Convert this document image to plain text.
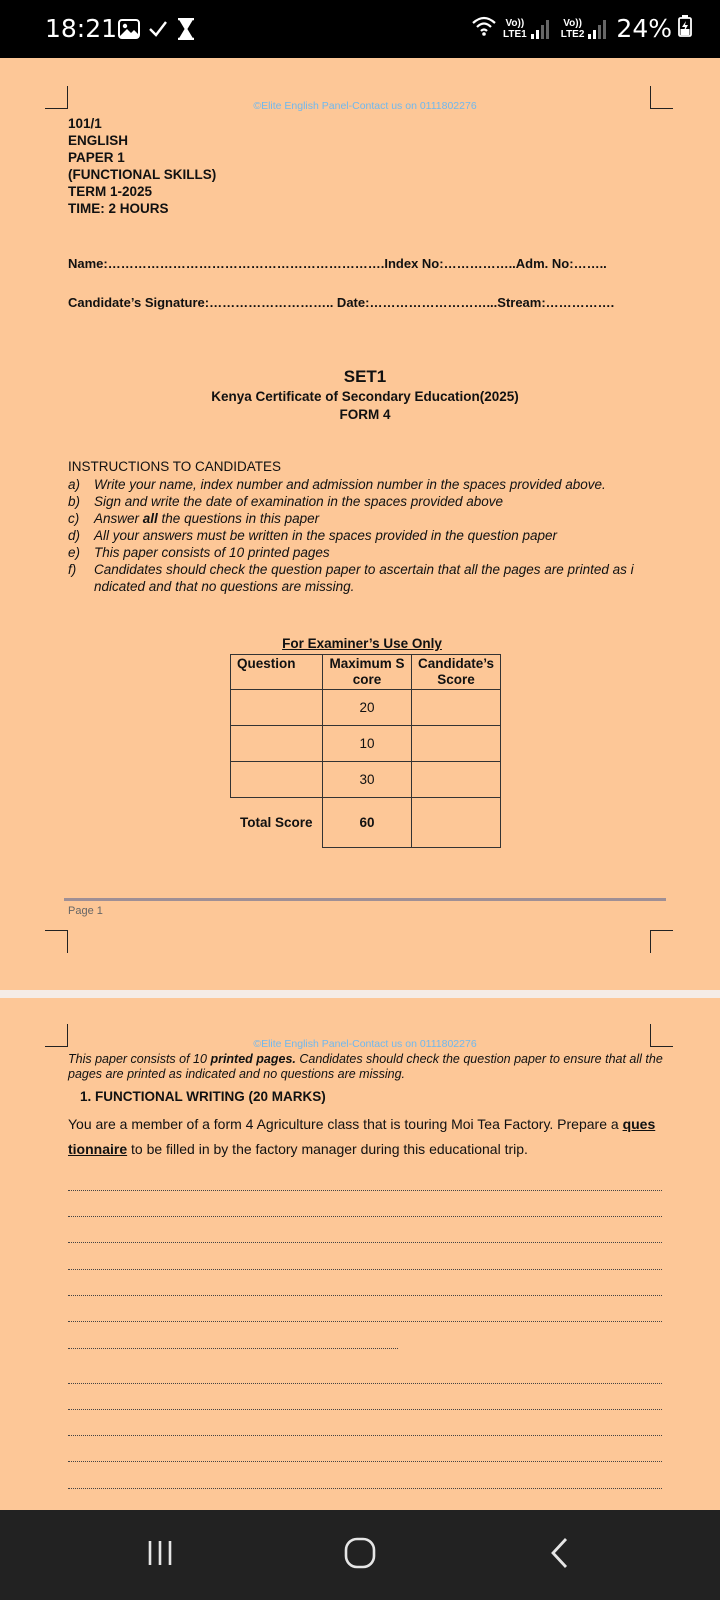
18:21	Vo))
LTE1
Vo))
LTE2 24%
©Elite English Panel-Contact us on 0111802276
101/1
ENGLISH
PAPER 1
(FUNCTIONAL SKILLS)
TERM 1-2025
TIME: 2 HOURS
Name:……………………………………………………….Index No:……………..Adm. No:……..
Candidate’s Signature:……………………….. Date:………………………...Stream:…………….
SET1
Kenya Certificate of Secondary Education(2025)
FORM 4
INSTRUCTIONS TO CANDIDATES
a)	Write your name, index number and admission number in the spaces provided above.
b)	Sign and write the date of examination in the spaces provided above
c)	Answer all the questions in this paper
d)	All your answers must be written in the spaces provided in the question paper
e)	This paper consists of 10 printed pages
f)	Candidates should check the question paper to ascertain that all the pages are printed as i ndicated and that no questions are missing.
For Examiner’s Use Only
Question	Maximum S core	Candidate’s Score
	20	
	10	
	30	
Total Score	60	
Page 1
©Elite English Panel-Contact us on 0111802276
This paper consists of 10 printed pages. Candidates should check the question paper to ensure that all the pages are printed as indicated and no questions are missing.
1. FUNCTIONAL WRITING (20 MARKS)
You are a member of a form 4 Agriculture class that is touring Moi Tea Factory. Prepare a ques tionnaire to be filled in by the factory manager during this educational trip.
